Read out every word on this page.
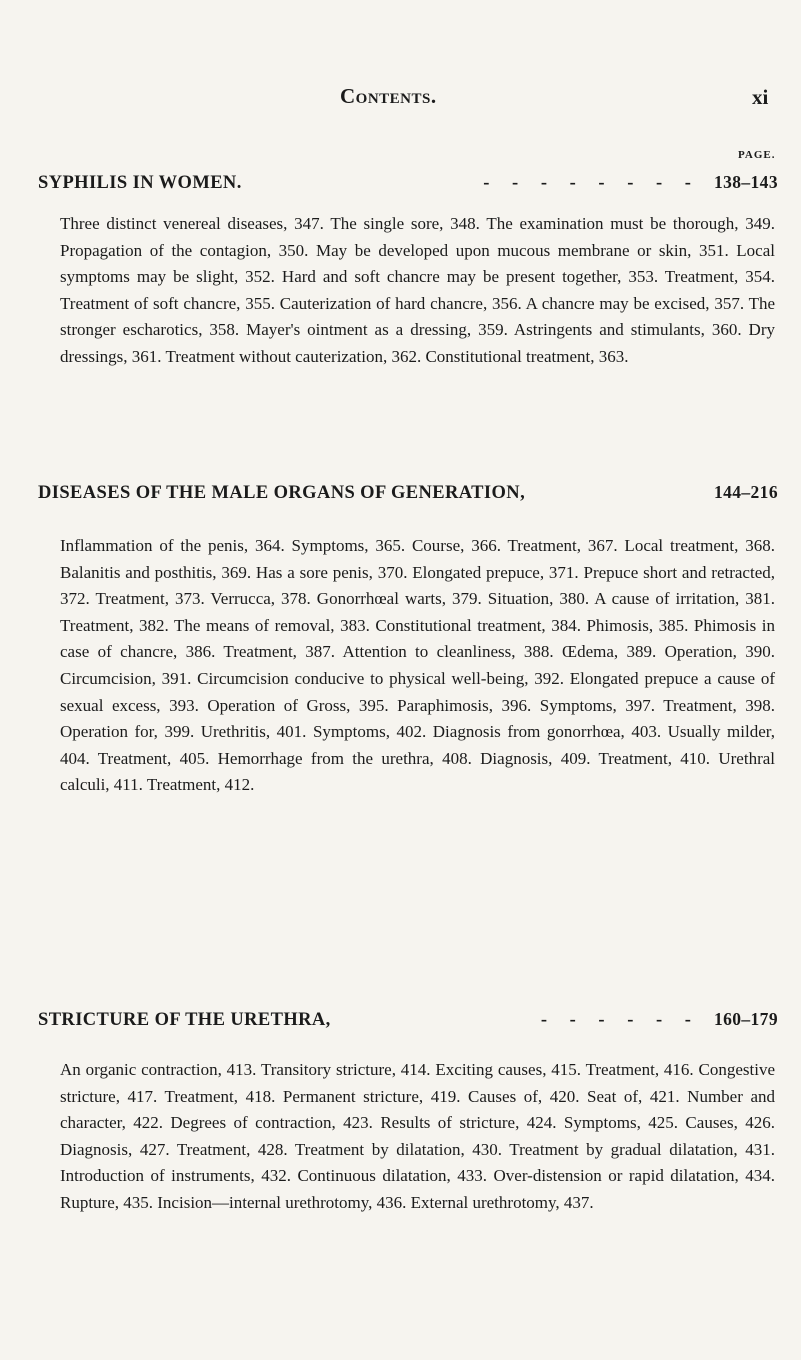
Contents.	xi
PAGE.
SYPHILIS IN WOMEN.	- - - - - - - - 138–143
Three distinct venereal diseases, 347. The single sore, 348. The examination must be thorough, 349. Propagation of the contagion, 350. May be developed upon mucous membrane or skin, 351. Local symptoms may be slight, 352. Hard and soft chancre may be present together, 353. Treatment, 354. Treatment of soft chancre, 355. Cauterization of hard chancre, 356. A chancre may be excised, 357. The stronger escharotics, 358. Mayer's ointment as a dressing, 359. Astringents and stimulants, 360. Dry dressings, 361. Treatment without cauterization, 362. Constitutional treatment, 363.
DISEASES OF THE MALE ORGANS OF GENERATION,	144–216
Inflammation of the penis, 364. Symptoms, 365. Course, 366. Treatment, 367. Local treatment, 368. Balanitis and posthitis, 369. Has a sore penis, 370. Elongated prepuce, 371. Prepuce short and retracted, 372. Treatment, 373. Verrucca, 378. Gonorrhœal warts, 379. Situation, 380. A cause of irritation, 381. Treatment, 382. The means of removal, 383. Constitutional treatment, 384. Phimosis, 385. Phimosis in case of chancre, 386. Treatment, 387. Attention to cleanliness, 388. Œdema, 389. Operation, 390. Circumcision, 391. Circumcision conducive to physical well-being, 392. Elongated prepuce a cause of sexual excess, 393. Operation of Gross, 395. Paraphimosis, 396. Symptoms, 397. Treatment, 398. Operation for, 399. Urethritis, 401. Symptoms, 402. Diagnosis from gonorrhœa, 403. Usually milder, 404. Treatment, 405. Hemorrhage from the urethra, 408. Diagnosis, 409. Treatment, 410. Urethral calculi, 411. Treatment, 412.
STRICTURE OF THE URETHRA,	- - - - - - 160–179
An organic contraction, 413. Transitory stricture, 414. Exciting causes, 415. Treatment, 416. Congestive stricture, 417. Treatment, 418. Permanent stricture, 419. Causes of, 420. Seat of, 421. Number and character, 422. Degrees of contraction, 423. Results of stricture, 424. Symptoms, 425. Causes, 426. Diagnosis, 427. Treatment, 428. Treatment by dilatation, 430. Treatment by gradual dilatation, 431. Introduction of instruments, 432. Continuous dilatation, 433. Over-distension or rapid dilatation, 434. Rupture, 435. Incision—internal urethrotomy, 436. External urethrotomy, 437.
